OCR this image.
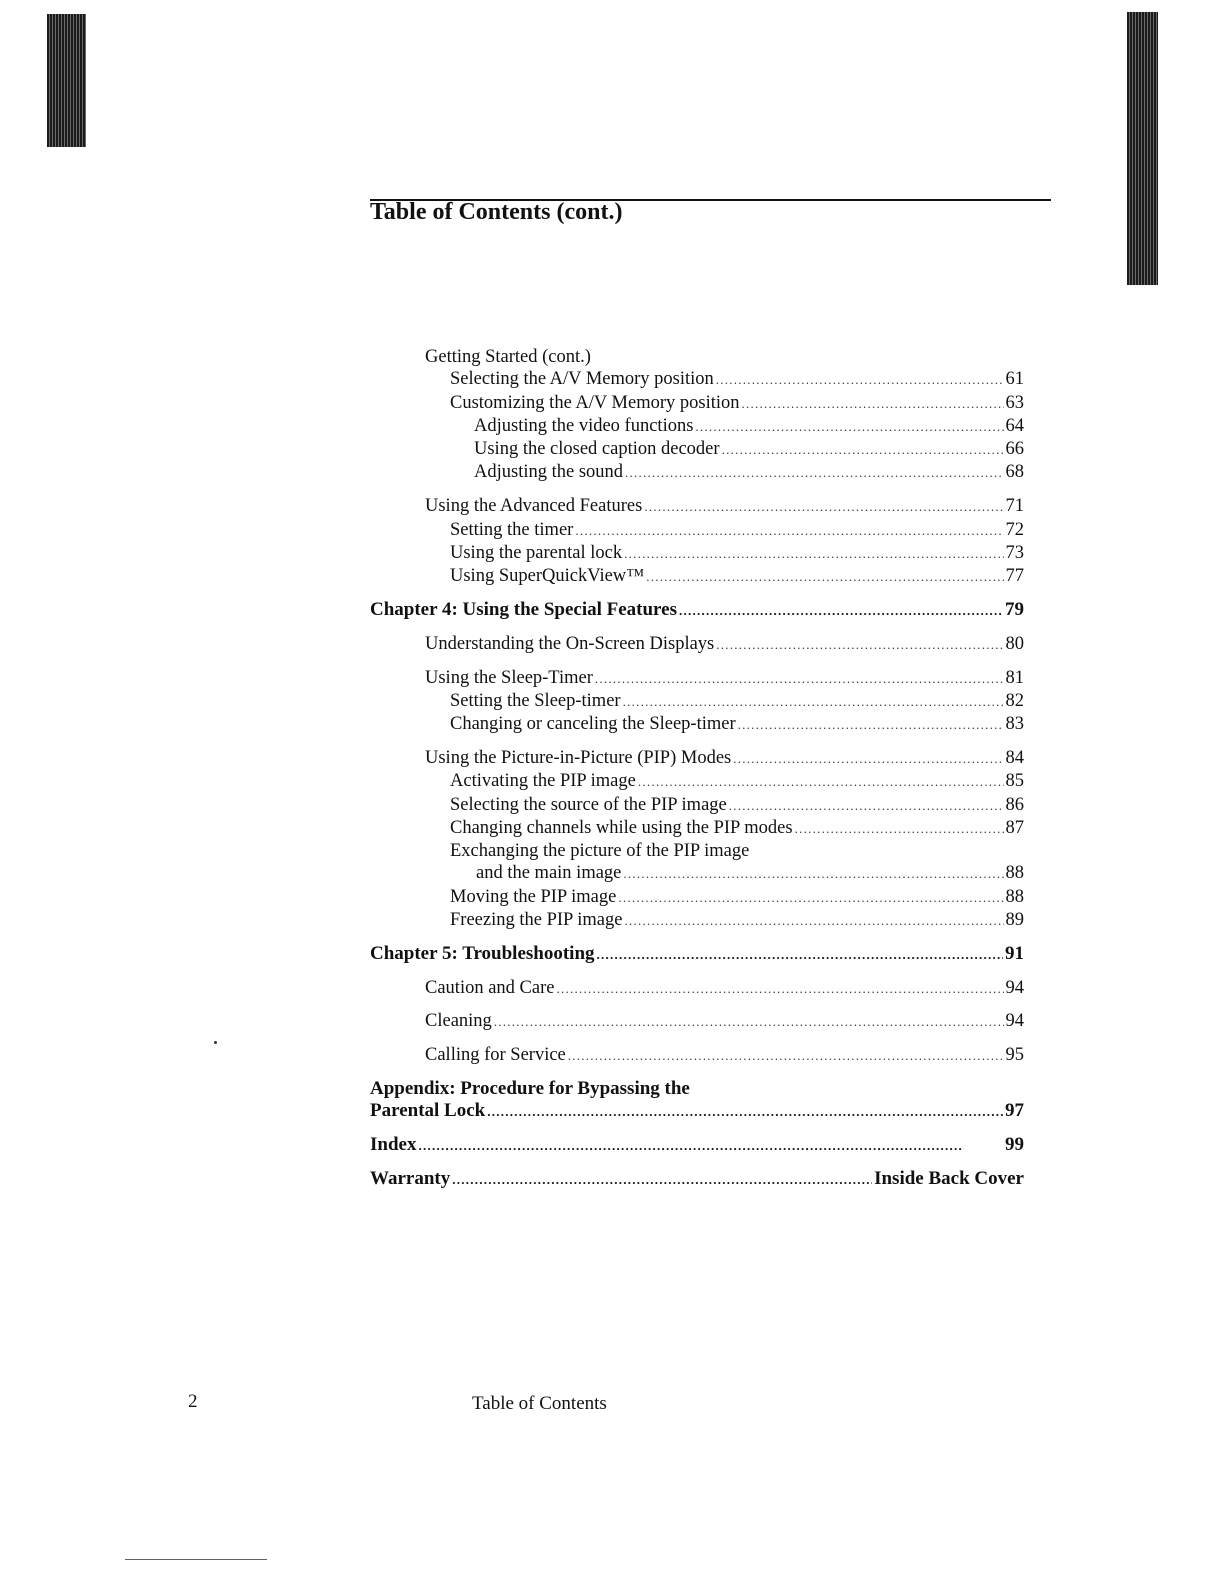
Table of Contents (cont.)
Getting Started (cont.)
Selecting the A/V Memory position . . .	61
Customizing the A/V Memory position . . .	63
Adjusting the video functions . . .	64
Using the closed caption decoder . . .	66
Adjusting the sound . . .	68
Using the Advanced Features . . .	71
Setting the timer . . .	72
Using the parental lock . . .	73
Using SuperQuickView™ . . .	77
Chapter 4: Using the Special Features . . .	79
Understanding the On-Screen Displays . . .	80
Using the Sleep-Timer . . .	81
Setting the Sleep-timer . . .	82
Changing or canceling the Sleep-timer . . .	83
Using the Picture-in-Picture (PIP) Modes . . .	84
Activating the PIP image . . .	85
Selecting the source of the PIP image . . .	86
Changing channels while using the PIP modes . . .	87
Exchanging the picture of the PIP image
and the main image . . .	88
Moving the PIP image . . .	88
Freezing the PIP image . . .	89
Chapter 5: Troubleshooting . . .	91
Caution and Care . . .	94
Cleaning . . .	94
Calling for Service . . .	95
Appendix: Procedure for Bypassing the
Parental Lock . . .	97
Index . . .	99
Warranty . . .	Inside Back Cover
2	Table of Contents
